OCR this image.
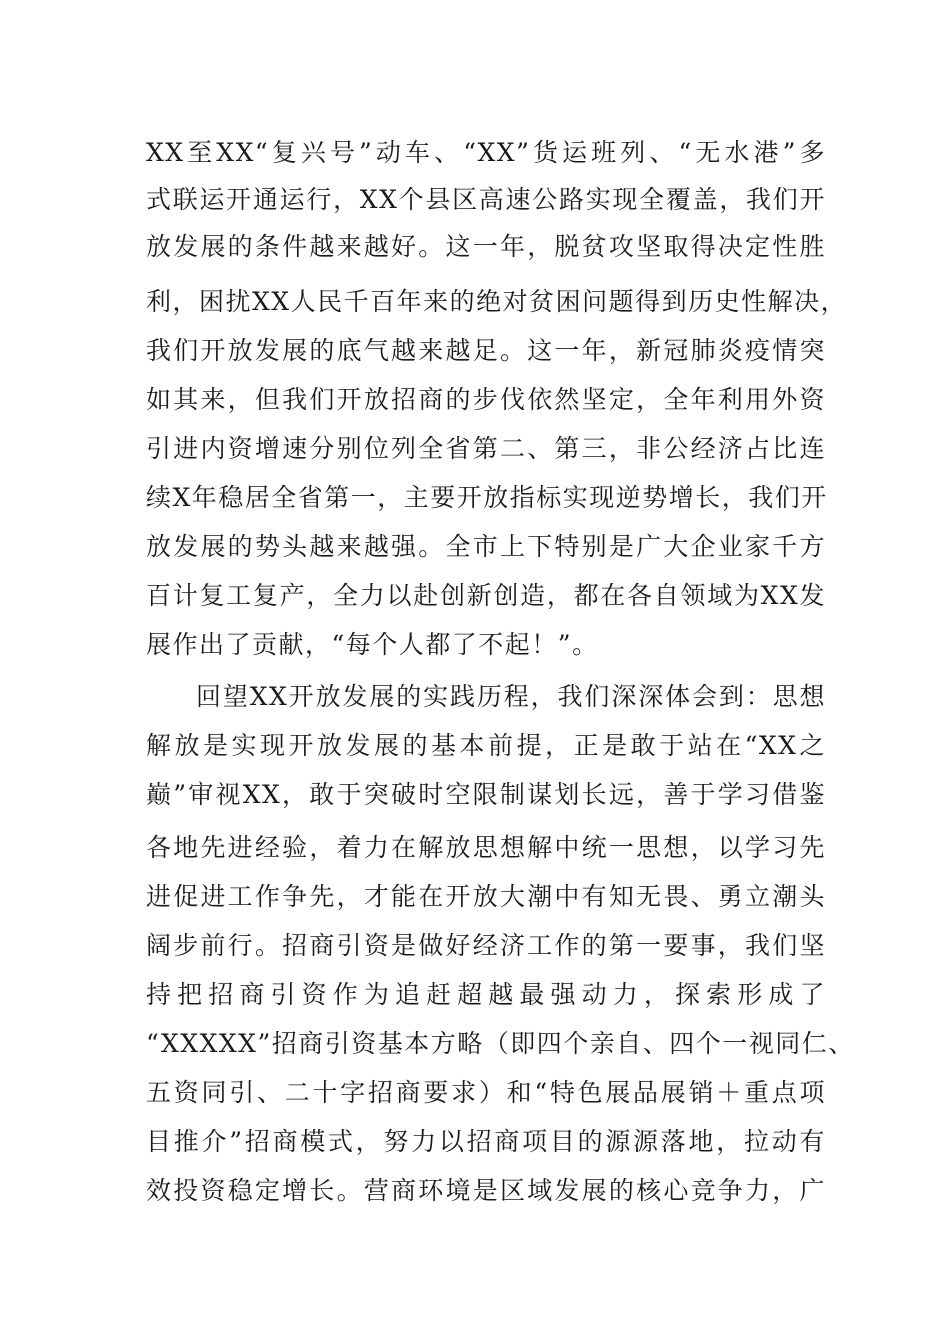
XX至XX“复兴号”动车、“XX”货运班列、“无水港”多
式联运开通运行，XX个县区高速公路实现全覆盖，我们开
放发展的条件越来越好。这一年，脱贫攻坚取得决定性胜
利，困扰XX人民千百年来的绝对贫困问题得到历史性解决，
我们开放发展的底气越来越足。这一年，新冠肺炎疫情突
如其来，但我们开放招商的步伐依然坚定，全年利用外资
引进内资增速分别位列全省第二、第三，非公经济占比连
续X年稳居全省第一，主要开放指标实现逆势增长，我们开
放发展的势头越来越强。全市上下特别是广大企业家千方
百计复工复产，全力以赴创新创造，都在各自领域为XX发
展作出了贡献，“每个人都了不起！”。
回望XX开放发展的实践历程，我们深深体会到：思想
解放是实现开放发展的基本前提，正是敢于站在“XX之
巅”审视XX，敢于突破时空限制谋划长远，善于学习借鉴
各地先进经验，着力在解放思想解中统一思想，以学习先
进促进工作争先，才能在开放大潮中有知无畏、勇立潮头
阔步前行。招商引资是做好经济工作的第一要事，我们坚
持把招商引资作为追赶超越最强动力，探索形成了
“XXXXX”招商引资基本方略（即四个亲自、四个一视同仁、
五资同引、二十字招商要求）和“特色展品展销＋重点项
目推介”招商模式，努力以招商项目的源源落地，拉动有
效投资稳定增长。营商环境是区域发展的核心竞争力，广
